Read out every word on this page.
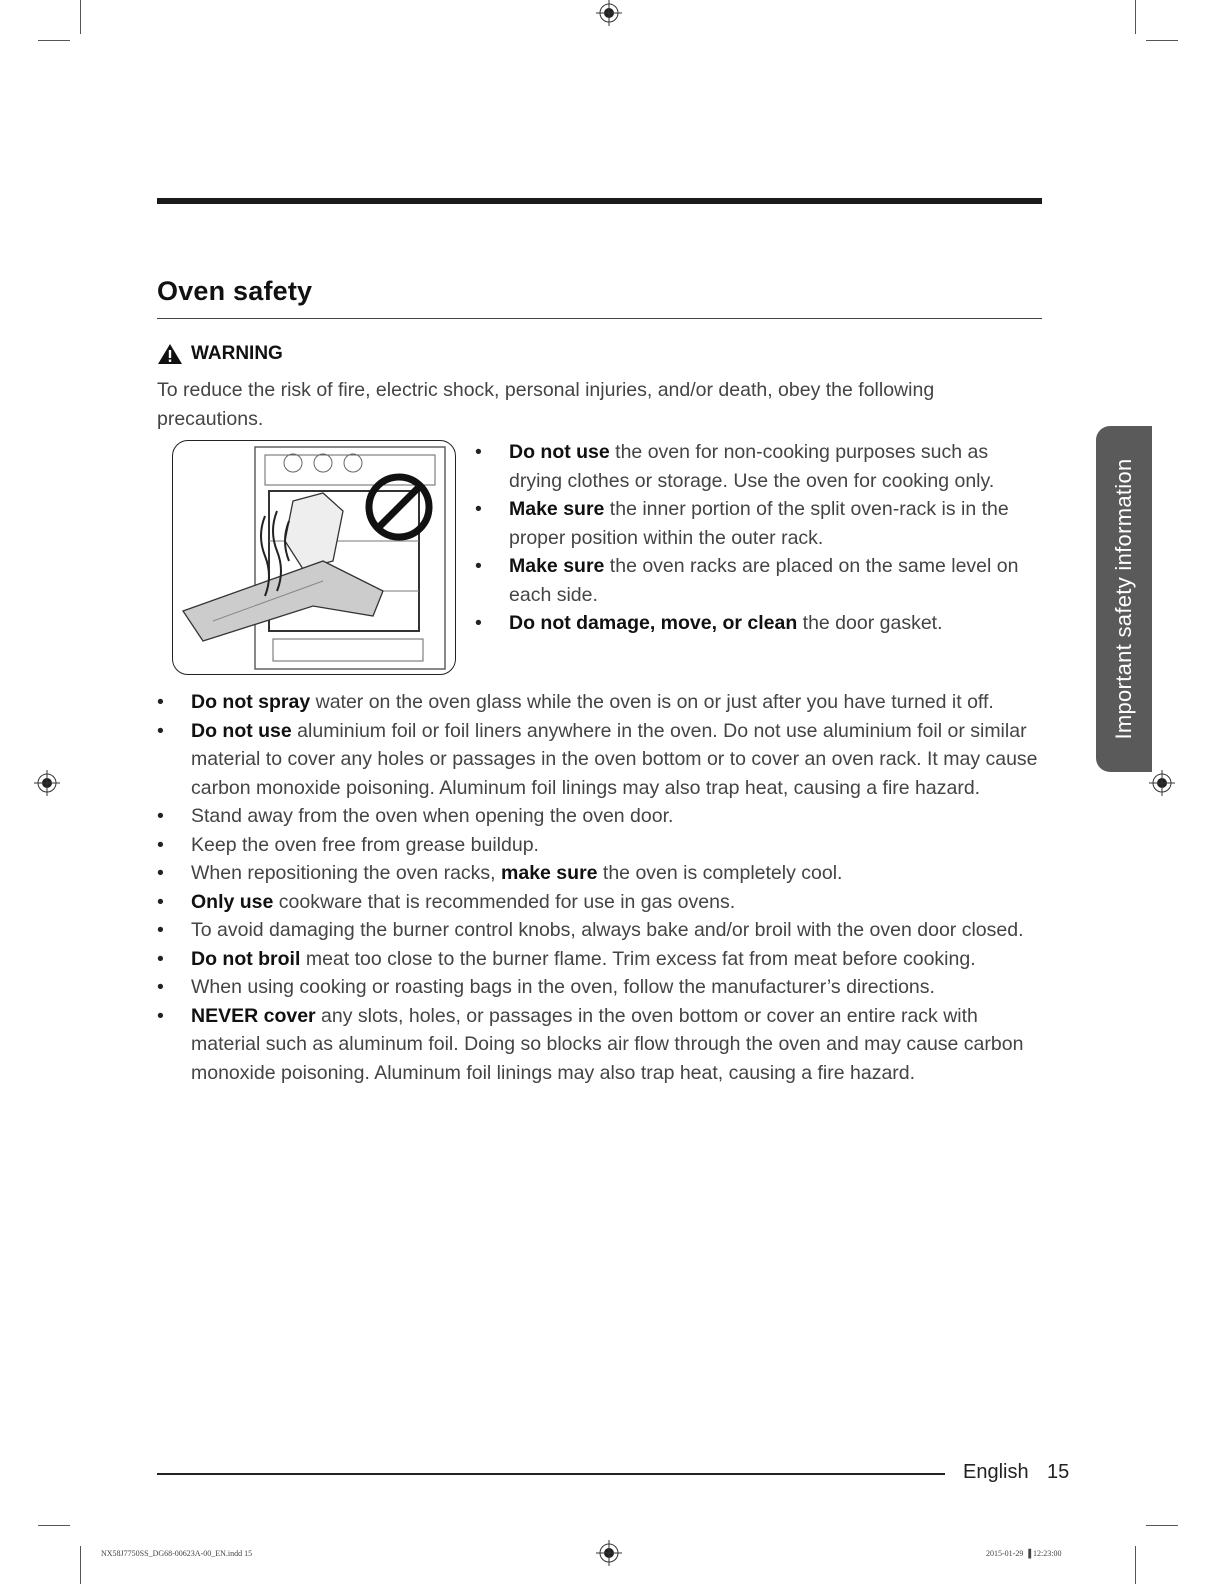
Oven safety
WARNING
To reduce the risk of fire, electric shock, personal injuries, and/or death, obey the following precautions.
• Do not use the oven for non-cooking purposes such as drying clothes or storage. Use the oven for cooking only.
• Make sure the inner portion of the split oven-rack is in the proper position within the outer rack.
• Make sure the oven racks are placed on the same level on each side.
• Do not damage, move, or clean the door gasket.
• Do not spray water on the oven glass while the oven is on or just after you have turned it off.
• Do not use aluminium foil or foil liners anywhere in the oven. Do not use aluminium foil or similar material to cover any holes or passages in the oven bottom or to cover an oven rack. It may cause carbon monoxide poisoning. Aluminum foil linings may also trap heat, causing a fire hazard.
• Stand away from the oven when opening the oven door.
• Keep the oven free from grease buildup.
• When repositioning the oven racks, make sure the oven is completely cool.
• Only use cookware that is recommended for use in gas ovens.
• To avoid damaging the burner control knobs, always bake and/or broil with the oven door closed.
• Do not broil meat too close to the burner flame. Trim excess fat from meat before cooking.
• When using cooking or roasting bags in the oven, follow the manufacturer’s directions.
• NEVER cover any slots, holes, or passages in the oven bottom or cover an entire rack with material such as aluminum foil. Doing so blocks air flow through the oven and may cause carbon monoxide poisoning. Aluminum foil linings may also trap heat, causing a fire hazard.
Important safety information
English 15
NX58J7750SS_DG68-00623A-00_EN.indd 15	2015-01-29 ▐ 12:23:00
